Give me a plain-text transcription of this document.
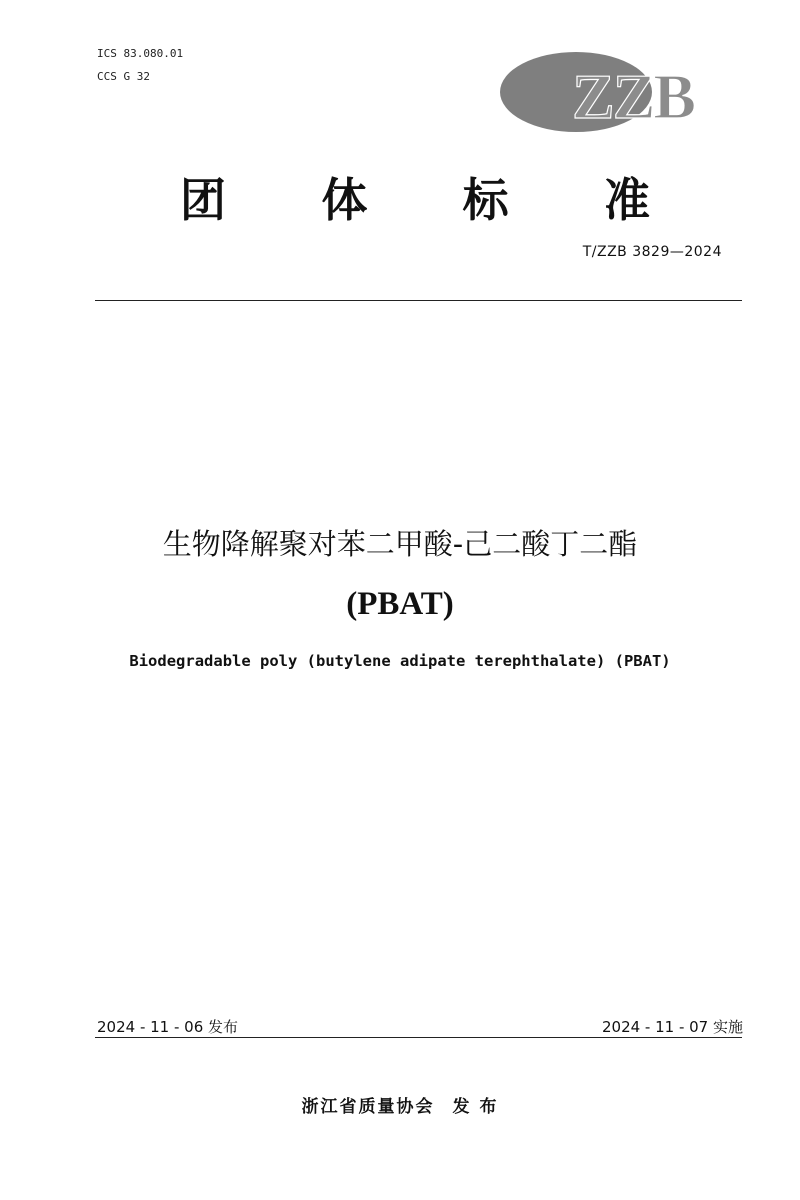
ICS 83.080.01
CCS G 32	ZZB
团 体 标 准
T/ZZB 3829—2024
生物降解聚对苯二甲酸-己二酸丁二酯
(PBAT)
Biodegradable poly (butylene adipate terephthalate) (PBAT)
2024 - 11 - 06 发布	2024 - 11 - 07 实施
浙江省质量协会 发 布
